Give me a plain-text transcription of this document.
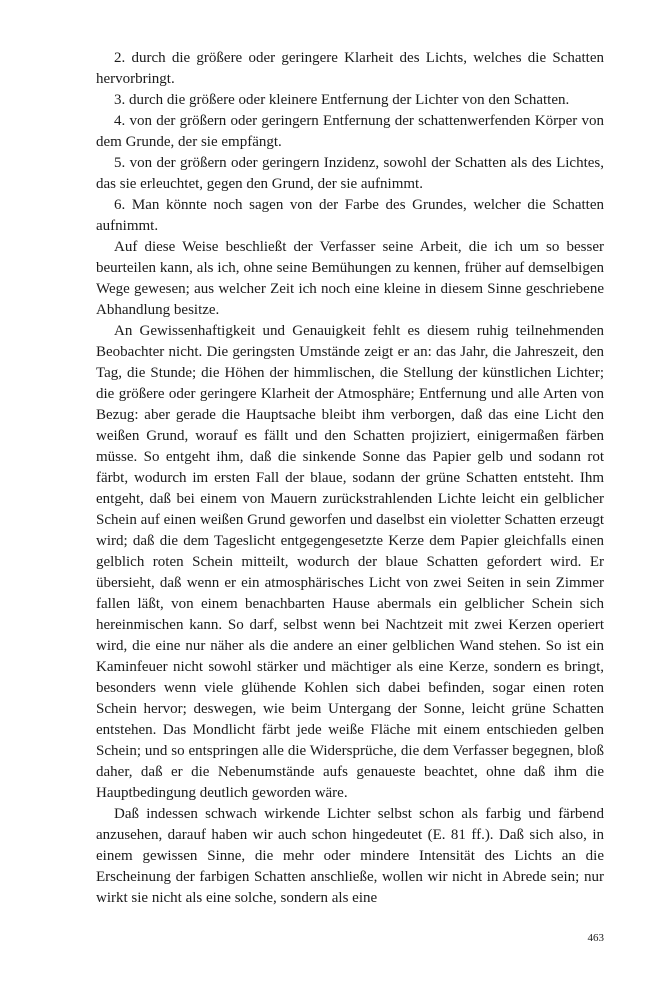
2. durch die größere oder geringere Klarheit des Lichts, welches die Schatten hervorbringt.

3. durch die größere oder kleinere Entfernung der Lichter von den Schatten.

4. von der größern oder geringern Entfernung der schattenwerfenden Körper von dem Grunde, der sie empfängt.

5. von der größern oder geringern Inzidenz, sowohl der Schatten als des Lichtes, das sie erleuchtet, gegen den Grund, der sie aufnimmt.

6. Man könnte noch sagen von der Farbe des Grundes, welcher die Schatten aufnimmt.

Auf diese Weise beschließt der Verfasser seine Arbeit, die ich um so besser beurteilen kann, als ich, ohne seine Bemühungen zu kennen, früher auf demselbigen Wege gewesen; aus welcher Zeit ich noch eine kleine in diesem Sinne geschriebene Abhandlung besitze.

An Gewissenhaftigkeit und Genauigkeit fehlt es diesem ruhig teilnehmenden Beobachter nicht. Die geringsten Umstände zeigt er an: das Jahr, die Jahreszeit, den Tag, die Stunde; die Höhen der himmlischen, die Stellung der künstlichen Lichter; die größere oder geringere Klarheit der Atmosphäre; Entfernung und alle Arten von Bezug: aber gerade die Hauptsache bleibt ihm verborgen, daß das eine Licht den weißen Grund, worauf es fällt und den Schatten projiziert, einigermaßen färben müsse. So entgeht ihm, daß die sinkende Sonne das Papier gelb und sodann rot färbt, wodurch im ersten Fall der blaue, sodann der grüne Schatten entsteht. Ihm entgeht, daß bei einem von Mauern zurückstrahlenden Lichte leicht ein gelblicher Schein auf einen weißen Grund geworfen und daselbst ein violetter Schatten erzeugt wird; daß die dem Tageslicht entgegengesetzte Kerze dem Papier gleichfalls einen gelblich roten Schein mitteilt, wodurch der blaue Schatten gefordert wird. Er übersieht, daß wenn er ein atmosphärisches Licht von zwei Seiten in sein Zimmer fallen läßt, von einem benachbarten Hause abermals ein gelblicher Schein sich hereinmischen kann. So darf, selbst wenn bei Nachtzeit mit zwei Kerzen operiert wird, die eine nur näher als die andere an einer gelblichen Wand stehen. So ist ein Kaminfeuer nicht sowohl stärker und mächtiger als eine Kerze, sondern es bringt, besonders wenn viele glühende Kohlen sich dabei befinden, sogar einen roten Schein hervor; deswegen, wie beim Untergang der Sonne, leicht grüne Schatten entstehen. Das Mondlicht färbt jede weiße Fläche mit einem entschieden gelben Schein; und so entspringen alle die Widersprüche, die dem Verfasser begegnen, bloß daher, daß er die Nebenumstände aufs genaueste beachtet, ohne daß ihm die Hauptbedingung deutlich geworden wäre.

Daß indessen schwach wirkende Lichter selbst schon als farbig und färbend anzusehen, darauf haben wir auch schon hingedeutet (E. 81 ff.). Daß sich also, in einem gewissen Sinne, die mehr oder mindere Intensität des Lichts an die Erscheinung der farbigen Schatten anschließe, wollen wir nicht in Abrede sein; nur wirkt sie nicht als eine solche, sondern als eine

463
